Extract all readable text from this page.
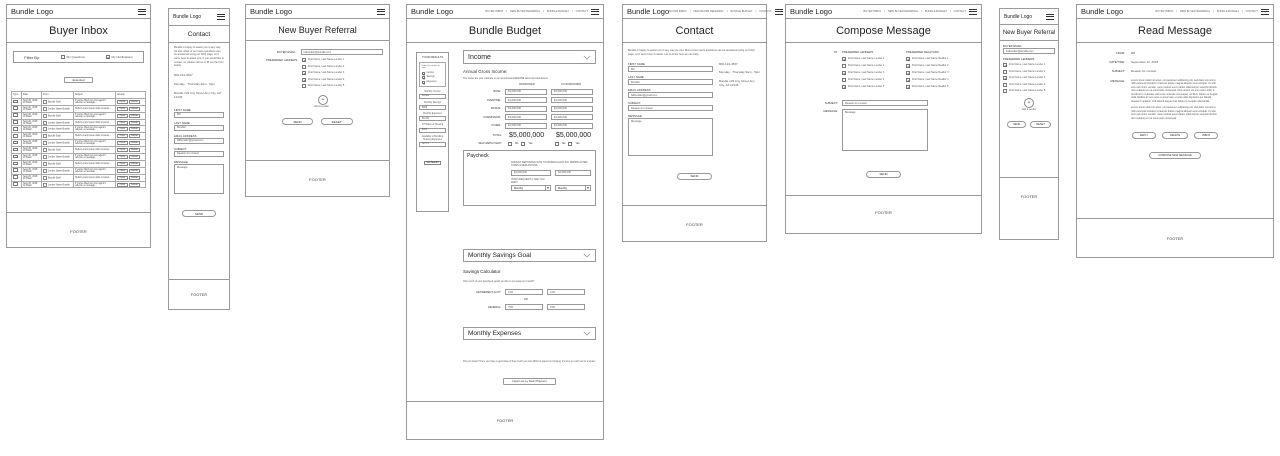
Bundle Logo
Buyer Inbox
Filter By:	My Questions ×	My Notifications
Extended
Type	Date	From	Subject	Actions
	Sept 20, 2018 11:00am	Bundle Staff	If you've filled out your agent's referral, a message...	Open Delete
	Sept 20, 2018 11:00am	Lender Name Bundle	Hello! Lorem ipsum dolor sit amet...	Open Delete
	Sept 20, 2018 11:00am	Bundle Staff	If you've filled out your agent's referral, a message...	Open Delete
	Sept 20, 2018 11:00am	Lender Name Bundle	Hello! Lorem ipsum dolor sit amet...	Open Delete
	Sept 20, 2018 11:00am	Lender Name Bundle	If you've filled out your agent's referral, a message...	Open Delete
	Sept 20, 2018 11:00am	Bundle Staff	Hello! Lorem ipsum dolor sit amet...	Open Delete
	Sept 20, 2018 11:00am	Lender Name Bundle	If you've filled out your agent's referral, a message...	Open Delete
	Sept 20, 2018 11:00am	Bundle Staff	Hello! Lorem ipsum dolor sit amet...	Open Delete
	Sept 20, 2018 11:00am	Lender Name Bundle	If you've filled out your agent's referral, a message...	Open Delete
	Sept 20, 2018 11:00am	Bundle Staff	Hello! Lorem ipsum dolor sit amet...	Open Delete
	Sept 20, 2018 11:00am	Lender Name Bundle	If you've filled out your agent's referral, a message...	Open Delete
	Sept 20, 2018 11:00am	Bundle Staff	Hello! Lorem ipsum dolor sit amet...	Open Delete
	Sept 20, 2018 11:00am	Lender Name Bundle	If you've filled out your agent's referral, a message...	Open Delete
FOOTER
Bundle Logo
Contact
Bundle is happy to assist you in any way we can. Most of our users questions can be answered using our FAQ page, so if we're here to assist you. If you would like to contact us, please call us or fill out the form below.
800-123-4567
Monday - Thursday 9am - 5pm
Bundle 123 Any Street Any City, AZ 12345
FIRST NAME
Bill
LAST NAME
Bundler
EMAIL ADDRESS
billbundler@gmail.com
SUBJECT
Reason for contact
MESSAGE
Message
SEND
FOOTER
Bundle Logo
New Buyer Referral
BUYER EMAIL:	babundler@bundle.com
PREFERRED LENDERS: ×	First Name, Last Name Lender 1
First Name, Last Name Lender 2
×
First Name, Last Name Lender 3
×
First Name, Last Name Lender 4
First Name, Last Name Lender 5
+
Add a Lender
SEND	RESET
FOOTER
Bundle Logo	BUYER INBOX | NEW BUYER REFERRAL | BUNDLE BUDGET | CONTACT
Bundle Budget
YOUR RESULTS
Select the section to view
×
Income
×
Savings
×
Expenses
Monthly Income
$4,600
Monthly Savings
$966
Monthly Expenses
$3,220
DTI Ratio of Housing
$353
Available to Bundling Housing Expenses
NOT 0
Get Started
Income
Annual Gross Income:
The below are your estimate on an annual basis BEFORE taxes and deductions.
BORROWER	CO-BORROWER
BASE:	$1,000,000	$1,000,000
OVERTIME:	$1,000,000	$1,000,000
BONUS:	$1,000,000	$1,000,000
COMMISSION:	$1,000,000	$1,000,000
OTHER:	$1,000,000	$1,000,000
TOTAL: $5,000,000	$5,000,000
SELF EMPLOYED?:	No	Yes	No	Yes
Paycheck
AMOUNT DEPOSITED INTO YOUR BANK EACH PAY PERIOD AFTER TAXES & DEDUCTIONS
$1,000,000	$1,000,000
HOW FREQUENTLY ARE YOU PAID?
Monthly	▼	Monthly	▼
Monthly Savings Goal
Savings Calculator
How much of your paycheck would you like to put away per month?
RETIREMENT ACCT:	12%	12%
OR
GENERAL:	75%	75%
Monthly Expenses
Did you know? Once you have a good idea of how much you can afford to spend on housing, it's time to reach out to a lender.
Figure out my Down Payment
FOOTER
Bundle Logo BUYER INBOX | NEW BUYER REFERRAL | BUNDLE BUDGET | CONTACT
Contact
Bundle is happy to assist you in any way we can. Most of our users questions can be answered using our FAQ page, so if we're here to assist. Let us know how we can help.
FIRST NAME
Bill
LAST NAME
Bundler
EMAIL ADDRESS
billbundler@gmail.com
SUBJECT
Reason for contact
MESSAGE
Message
800-123-4567
Monday - Thursday 9am - 5pm
Bundle 123 Any Street Any City, AZ 12345
SEND
FOOTER
Bundle Logo	BUYER INBOX | NEW BUYER REFERRAL | BUNDLE BUDGET | CONTACT
Compose Message
TO: PREFERRED LENDERS
×
First Name, Last Name Lender 1
First Name, Last Name Lender 2
×
First Name, Last Name Lender 3
First Name, Last Name Lender 4
×
First Name, Last Name Lender 5
PREFERRED REALTORS
×
First Name, Last Name Realtor 1
×
First Name, Last Name Realtor 2
×
First Name, Last Name Realtor 3
×
First Name, Last Name Realtor 4
×
First Name, Last Name Realtor 5
SUBJECT:	Reason for contact
MESSAGE:	Message
SEND
FOOTER
Bundle Logo
New Buyer Referral
BUYER EMAIL:
babundler@bundle.com
PREFERRED LENDERS:
×
First Name, Last Name Lender 1
First Name, Last Name Lender 2
×
First Name, Last Name Lender 3
First Name, Last Name Lender 4
First Name, Last Name Lender 5
+
Add a Lender
SEND	RESET
FOOTER
Bundle Logo	BUYER INBOX | NEW BUYER REFERRAL | BUNDLE BUDGET | CONTACT
Read Message
FROM: Bill
DATE/TIME: September 12, 2018
SUBJECT: Reason for contact
MESSAGE: Lorem ipsum dolor sit amet, consectetuer adipiscing elit, sed diam nonummy nibh euismod tincidunt ut laoreet dolore magna aliquam erat volutpat. Ut wisi enim ad minim veniam, quis nostrud exerci tation ullamcorper suscipit lobortis nisl ut aliquip ex ea commodo consequat. Duis autem vel eum iriure dolor in hendrerit in vulputate velit esse molestie consequat, vel illum dolore eu feugiat nulla facilisis at vero eros et accumsan et iusto odio dignissim qui blandit praesent luptatum zzril delenit augue duis dolore te feugait nulla facilisi.
Lorem ipsum dolor sit amet, consectetuer adipiscing elit, sed diam nonummy nibh euismod tincidunt ut laoreet dolore magna aliquam erat volutpat. Ut wisi enim ad minim veniam, quis nostrud exerci tation ullamcorper suscipit lobortis nisl ut aliquip ex ea commodo consequat.
REPLY	DELETE	INBOX
COMPOSE NEW MESSAGE
FOOTER
